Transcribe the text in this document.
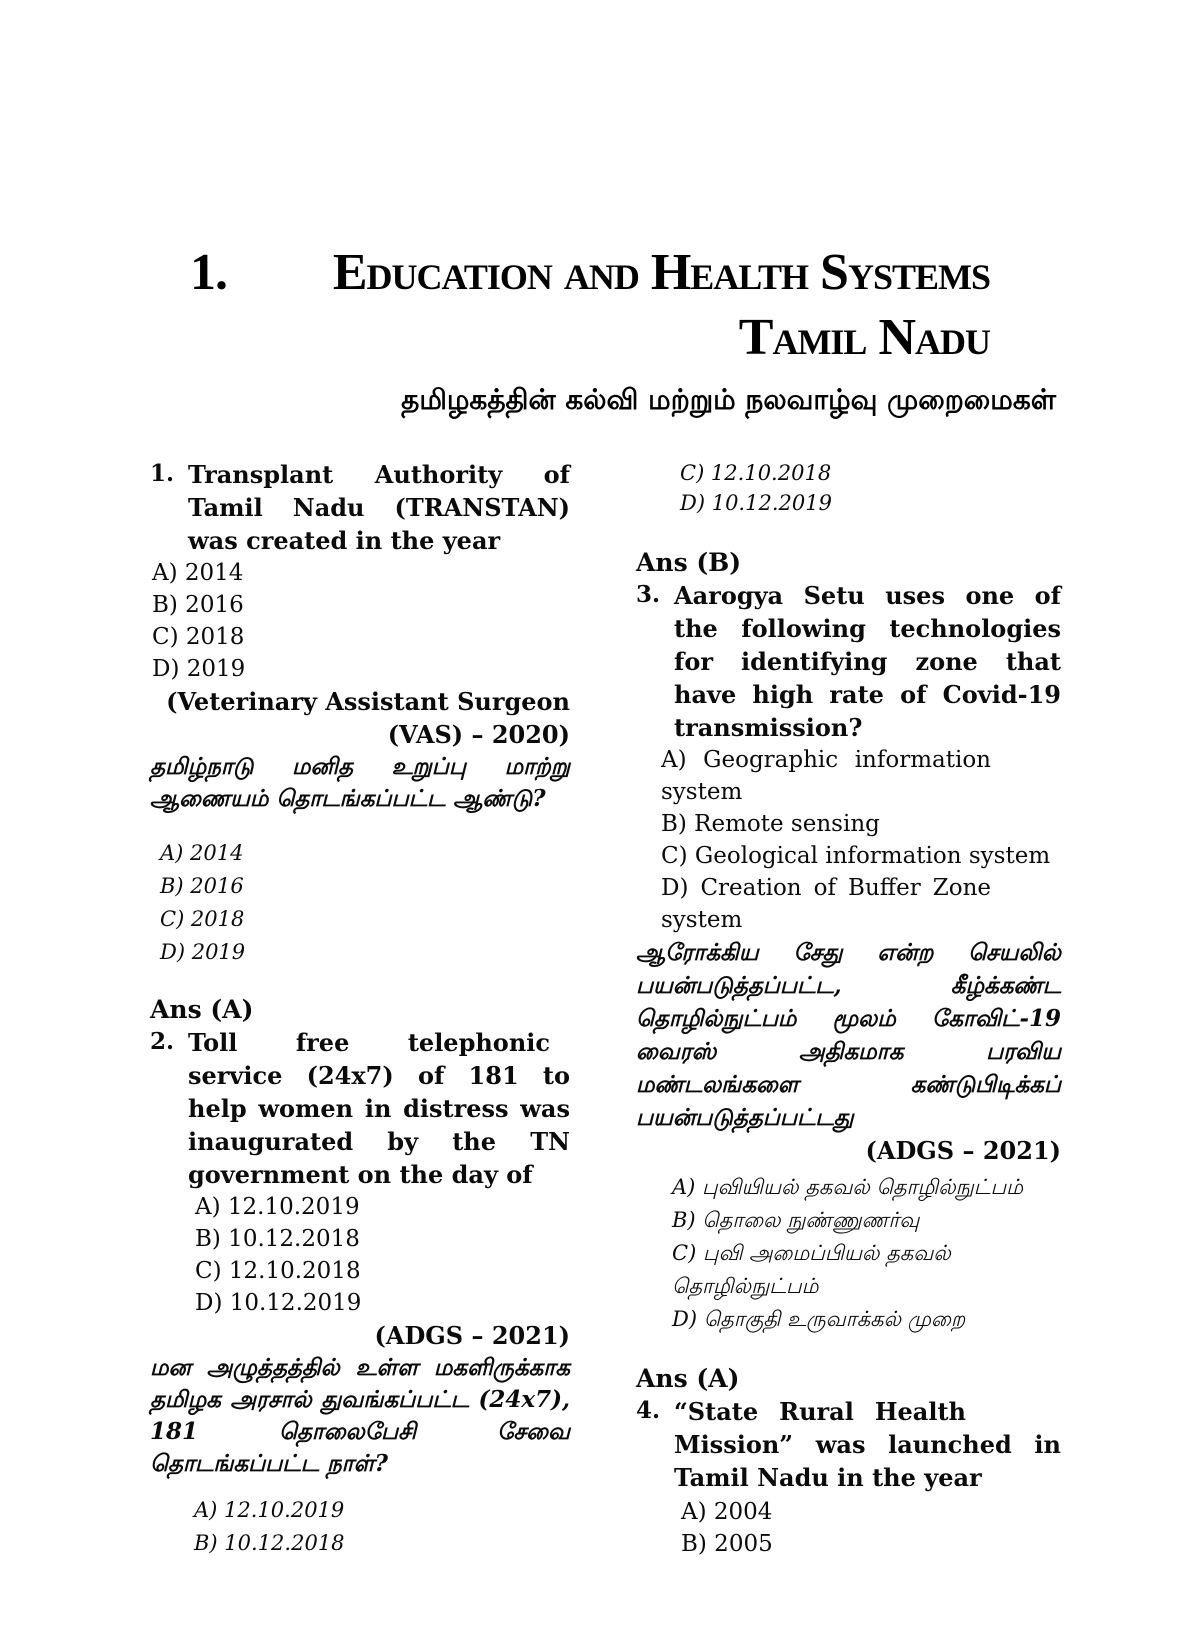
1.	Education and Health Systems
Tamil Nadu
தமிழகத்தின் கல்வி மற்றும் நலவாழ்வு முறைமைகள்
1. Transplant Authority of Tamil Nadu (TRANSTAN) was created in the year

A) 2014
B) 2016
C) 2018
D) 2019
(Veterinary Assistant Surgeon (VAS) – 2020)

தமிழ்நாடு மனித உறுப்பு மாற்று ஆணையம் தொடங்கப்பட்ட ஆண்டு?

A) 2014
B) 2016
C) 2018
D) 2019
Ans (A)
2. Toll free telephonic service (24x7) of 181 to help women in distress was inaugurated by the TN government on the day of

A) 12.10.2019
B) 10.12.2018
C) 12.10.2018
D) 10.12.2019
(ADGS – 2021)

மன அழுத்தத்தில் உள்ள மகளிருக்காக தமிழக அரசால் துவங்கப்பட்ட (24x7), 181 தொலைபேசி சேவை தொடங்கப்பட்ட நாள்?

A) 12.10.2019
B) 10.12.2018
C) 12.10.2018
D) 10.12.2019
Ans (B)
3. Aarogya Setu uses one of the following technologies for identifying zone that have high rate of Covid-19 transmission?

A) Geographic information system
B) Remote sensing
C) Geological information system
D) Creation of Buffer Zone system

ஆரோக்கிய சேது என்ற செயலில் பயன்படுத்தப்பட்ட, கீழ்க்கண்ட தொழில்நுட்பம் மூலம் கோவிட்-19 வைரஸ் அதிகமாக பரவிய மண்டலங்களை கண்டுபிடிக்கப் பயன்படுத்தப்பட்டது

(ADGS – 2021)
A) புவியியல் தகவல் தொழில்நுட்பம்
B) தொலை நுண்ணுணர்வு
C) புவி அமைப்பியல் தகவல் தொழில்நுட்பம்
D) தொகுதி உருவாக்கல் முறை
Ans (A)
4. “State Rural Health Mission” was launched in Tamil Nadu in the year

A) 2004
B) 2005
